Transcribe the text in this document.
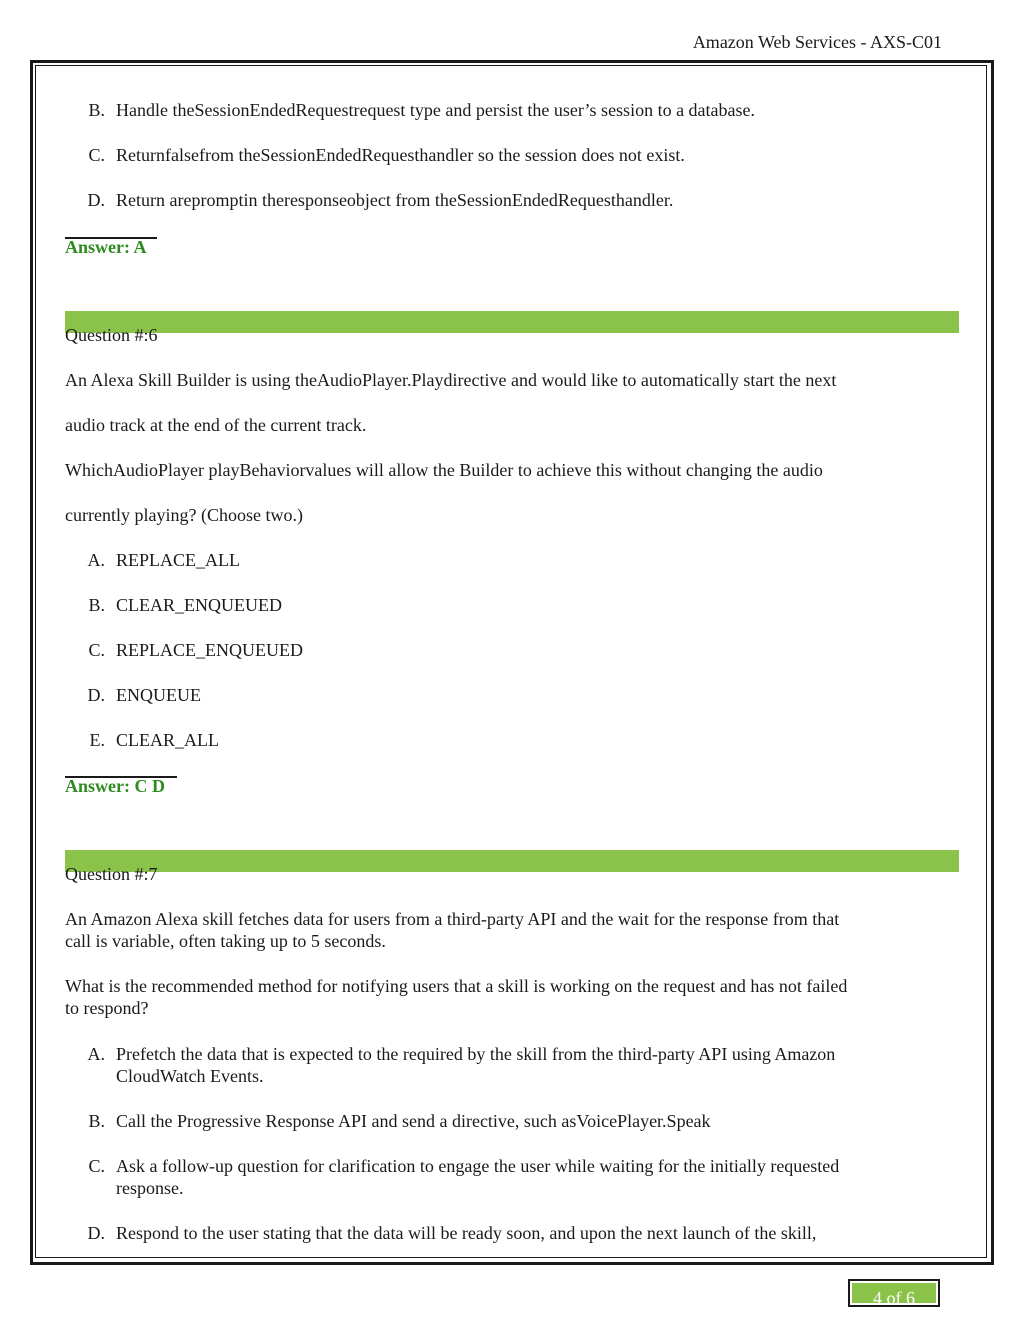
Amazon Web Services - AXS-C01
B. Handle theSessionEndedRequestrequest type and persist the user’s session to a database.
C. Returnfalsefrom theSessionEndedRequesthandler so the session does not exist.
D. Return arepromptin theresponseobject from theSessionEndedRequesthandler.
Answer: A
Question #:6
An Alexa Skill Builder is using theAudioPlayer.Playdirective and would like to automatically start the next
audio track at the end of the current track.
WhichAudioPlayer playBehaviorvalues will allow the Builder to achieve this without changing the audio
currently playing? (Choose two.)
A. REPLACE_ALL
B. CLEAR_ENQUEUED
C. REPLACE_ENQUEUED
D. ENQUEUE
E. CLEAR_ALL
Answer: C D
Question #:7
An Amazon Alexa skill fetches data for users from a third-party API and the wait for the response from that
call is variable, often taking up to 5 seconds.
What is the recommended method for notifying users that a skill is working on the request and has not failed
to respond?
A. Prefetch the data that is expected to the required by the skill from the third-party API using Amazon
CloudWatch Events.
B. Call the Progressive Response API and send a directive, such asVoicePlayer.Speak
C. Ask a follow-up question for clarification to engage the user while waiting for the initially requested
response.
D. Respond to the user stating that the data will be ready soon, and upon the next launch of the skill,
4 of 6
